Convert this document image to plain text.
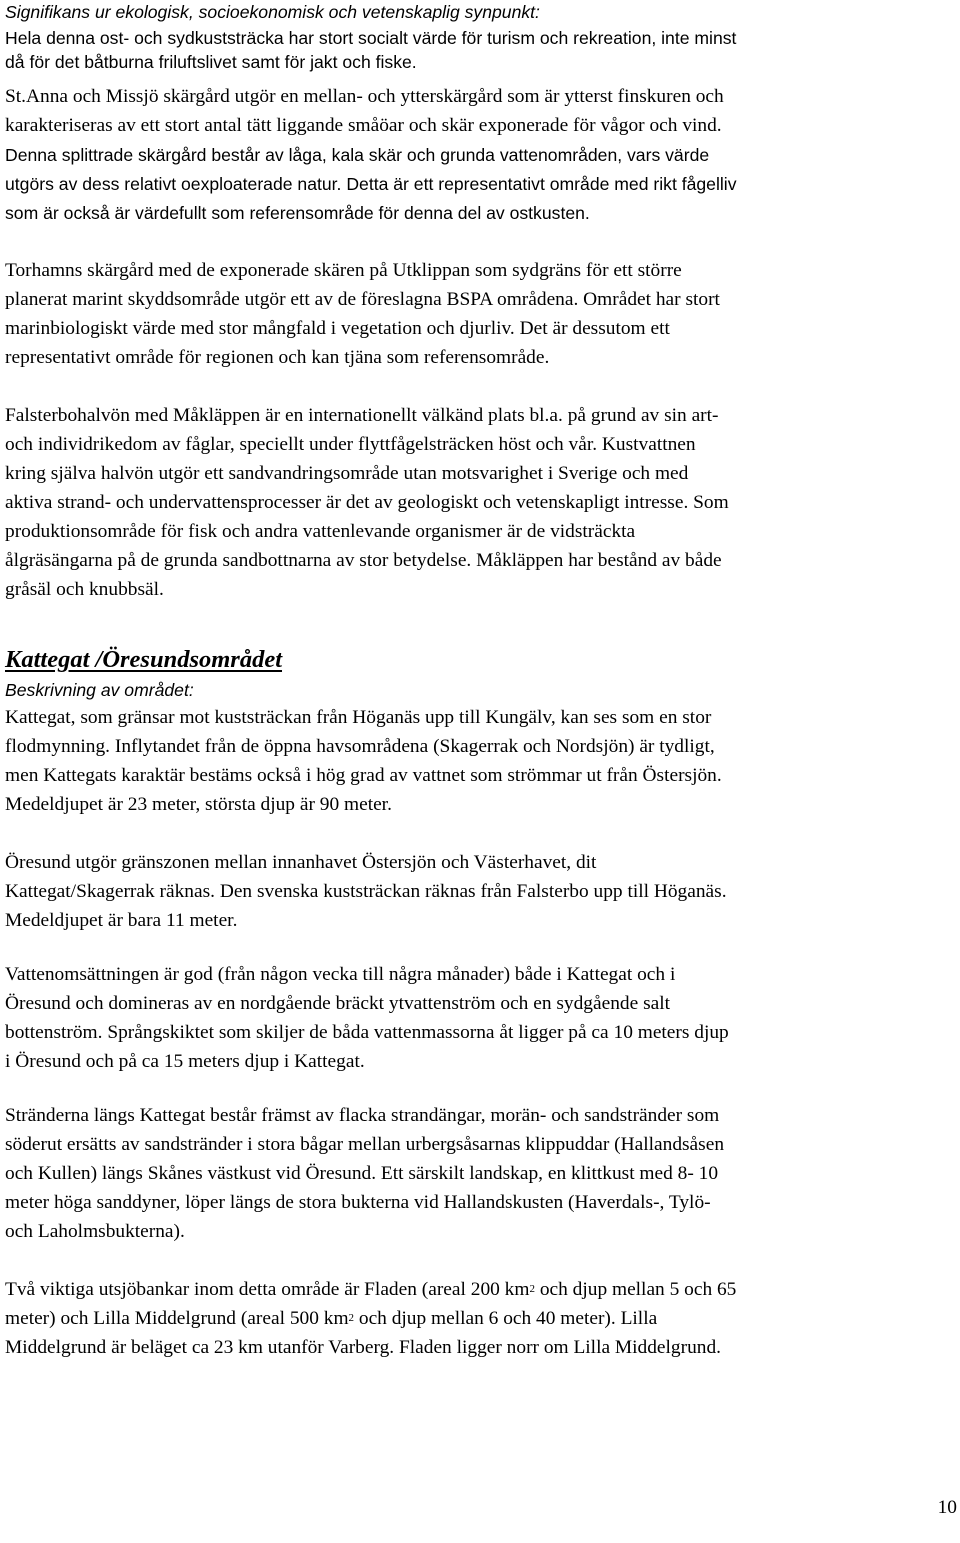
Signifikans ur ekologisk, socioekonomisk och vetenskaplig synpunkt:
Hela denna ost- och sydkuststräcka har stort socialt värde för turism och rekreation, inte minst
då för det båtburna friluftslivet samt för jakt och fiske.
St.Anna och Missjö skärgård utgör en mellan- och ytterskärgård som är ytterst finskuren och
karakteriseras av ett stort antal tätt liggande småöar och skär exponerade för vågor och vind.
Denna splittrade skärgård består av låga, kala skär och grunda vattenområden, vars värde
utgörs av dess relativt oexploaterade natur. Detta är ett representativt område med rikt fågelliv
som är också är värdefullt som referensområde för denna del av ostkusten.
Torhamns skärgård med de exponerade skären på Utklippan som sydgräns för ett större
planerat marint skyddsområde utgör ett av de föreslagna BSPA områdena. Området har stort
marinbiologiskt värde med stor mångfald i vegetation och djurliv. Det är dessutom ett
representativt område för regionen och kan tjäna som referensområde.
Falsterbohalvön med Måkläppen är en internationellt välkänd plats bl.a. på grund av sin art-
och individrikedom av fåglar, speciellt under flyttfågelsträcken höst och vår. Kustvattnen
kring själva halvön utgör ett sandvandringsområde utan motsvarighet i Sverige och med
aktiva strand- och undervattensprocesser är det av geologiskt och vetenskapligt intresse. Som
produktionsområde för fisk och andra vattenlevande organismer är de vidsträckta
ålgräsängarna på de grunda sandbottnarna av stor betydelse. Måkläppen har bestånd av både
gråsäl och knubbsäl.
Kattegat /Öresundsområdet
Beskrivning av området:
Kattegat, som gränsar mot kuststräckan från Höganäs upp till Kungälv, kan ses som en stor
flodmynning. Inflytandet från de öppna havsområdena (Skagerrak och Nordsjön) är tydligt,
men Kattegats karaktär bestäms också i hög grad av vattnet som strömmar ut från Östersjön.
Medeldjupet är 23 meter, största djup är 90 meter.
Öresund utgör gränszonen mellan innanhavet Östersjön och Västerhavet, dit
Kattegat/Skagerrak räknas. Den svenska kuststräckan räknas från Falsterbo upp till Höganäs.
Medeldjupet är bara 11 meter.
Vattenomsättningen är god (från någon vecka till några månader) både i Kattegat och i
Öresund och domineras av en nordgående bräckt ytvattenström och en sydgående salt
bottenström. Språngskiktet som skiljer de båda vattenmassorna åt ligger på ca 10 meters djup
i Öresund och på ca 15 meters djup i Kattegat.
Stränderna längs Kattegat består främst av flacka strandängar, morän- och sandstränder som
söderut ersätts av sandstränder i stora bågar mellan urbergsåsarnas klippuddar (Hallandsåsen
och Kullen) längs Skånes västkust vid Öresund. Ett särskilt landskap, en klittkust med 8- 10
meter höga sanddyner, löper längs de stora bukterna vid Hallandskusten (Haverdals-, Tylö-
och Laholmsbukterna).
Två viktiga utsjöbankar inom detta område är Fladen (areal 200 $km^2$ och djup mellan 5 och 65
meter) och Lilla Middelgrund (areal 500 $km^2$ och djup mellan 6 och 40 meter). Lilla
Middelgrund är beläget ca 23 km utanför Varberg. Fladen ligger norr om Lilla Middelgrund.
10
